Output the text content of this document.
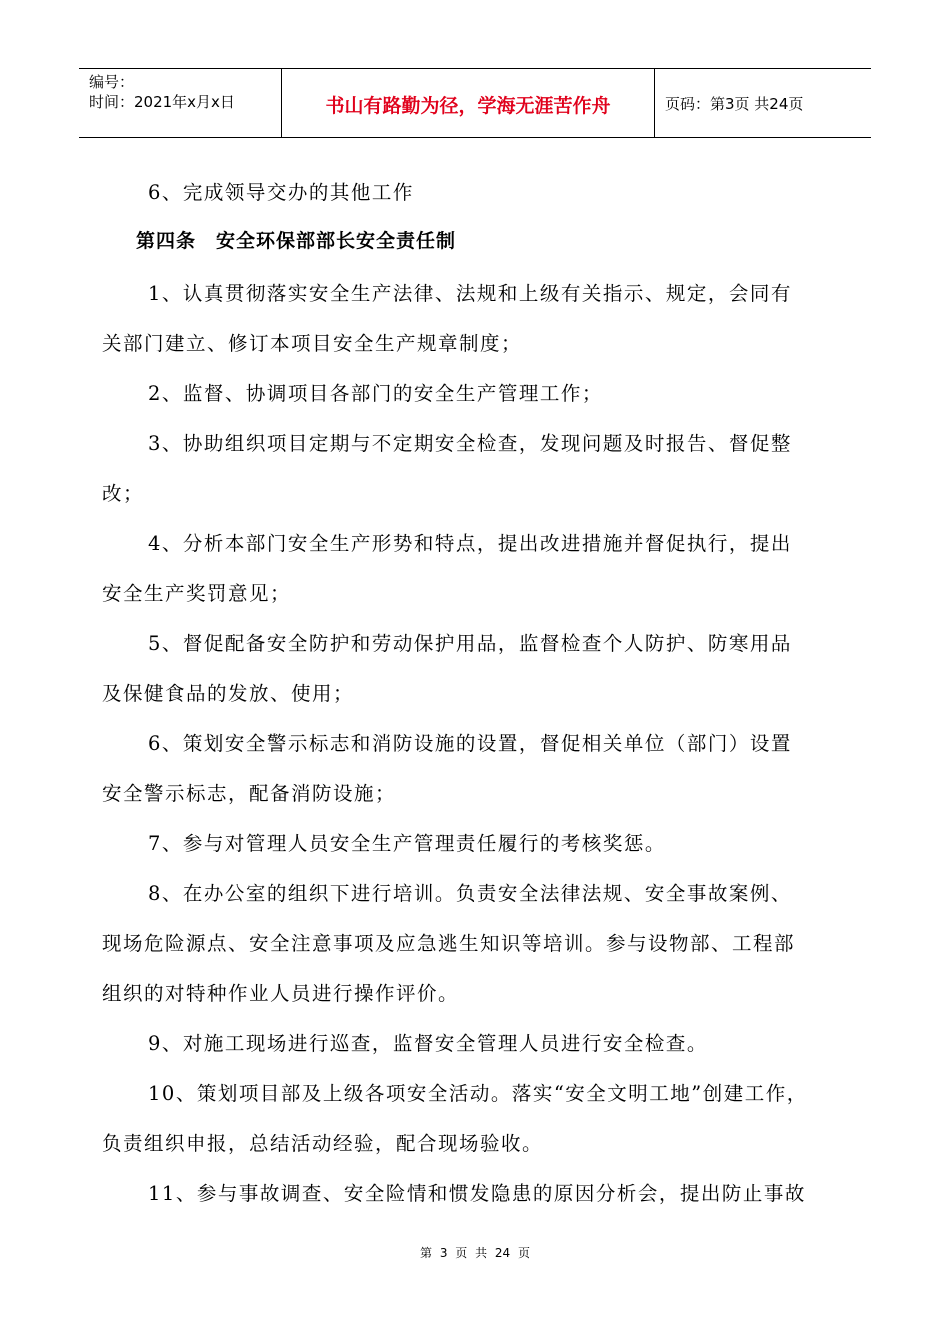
编号：
时间：2021年x月x日	书山有路勤为径，学海无涯苦作舟	页码：第3页 共24页
6、完成领导交办的其他工作
第四条　安全环保部部长安全责任制
1、认真贯彻落实安全生产法律、法规和上级有关指示、规定，会同有
关部门建立、修订本项目安全生产规章制度；
2、监督、协调项目各部门的安全生产管理工作；
3、协助组织项目定期与不定期安全检查，发现问题及时报告、督促整
改；
4、分析本部门安全生产形势和特点，提出改进措施并督促执行，提出
安全生产奖罚意见；
5、督促配备安全防护和劳动保护用品，监督检查个人防护、防寒用品
及保健食品的发放、使用；
6、策划安全警示标志和消防设施的设置，督促相关单位（部门）设置
安全警示标志，配备消防设施；
7、参与对管理人员安全生产管理责任履行的考核奖惩。
8、在办公室的组织下进行培训。负责安全法律法规、安全事故案例、
现场危险源点、安全注意事项及应急逃生知识等培训。参与设物部、工程部
组织的对特种作业人员进行操作评价。
9、对施工现场进行巡查，监督安全管理人员进行安全检查。
10、策划项目部及上级各项安全活动。落实“安全文明工地”创建工作，
负责组织申报，总结活动经验，配合现场验收。
11、参与事故调查、安全险情和惯发隐患的原因分析会，提出防止事故
第 3 页 共 24 页
